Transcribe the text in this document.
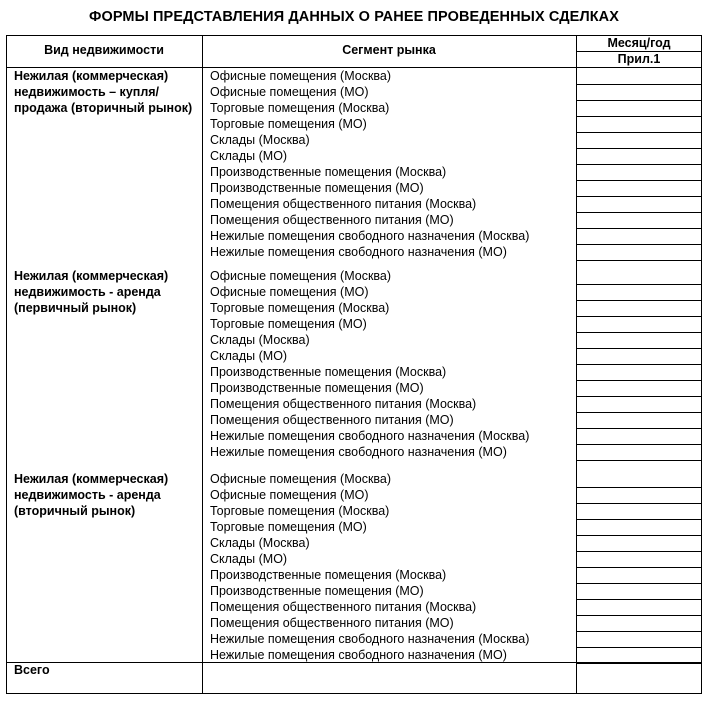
ФОРМЫ ПРЕДСТАВЛЕНИЯ ДАННЫХ О РАНЕЕ ПРОВЕДЕННЫХ СДЕЛКАХ
Вид недвижимости	Сегмент рынка	Месяц/год
Прил.1
Нежилая (коммерческая) недвижимость – купля/продажа (вторичный рынок)
Офисные помещения (Москва)
Офисные помещения (МО)
Торговые помещения (Москва)
Торговые помещения (МО)
Склады (Москва)
Склады (МО)
Производственные помещения (Москва)
Производственные помещения (МО)
Помещения общественного питания (Москва)
Помещения общественного питания (МО)
Нежилые помещения свободного назначения (Москва)
Нежилые помещения свободного назначения (МО)
Нежилая (коммерческая) недвижимость - аренда (первичный рынок)
Офисные помещения (Москва)
Офисные помещения (МО)
Торговые помещения (Москва)
Торговые помещения (МО)
Склады (Москва)
Склады (МО)
Производственные помещения (Москва)
Производственные помещения (МО)
Помещения общественного питания (Москва)
Помещения общественного питания (МО)
Нежилые помещения свободного назначения (Москва)
Нежилые помещения свободного назначения (МО)
Нежилая (коммерческая) недвижимость - аренда (вторичный рынок)
Офисные помещения (Москва)
Офисные помещения (МО)
Торговые помещения (Москва)
Торговые помещения (МО)
Склады (Москва)
Склады (МО)
Производственные помещения (Москва)
Производственные помещения (МО)
Помещения общественного питания (Москва)
Помещения общественного питания (МО)
Нежилые помещения свободного назначения (Москва)
Нежилые помещения свободного назначения (МО)
Всего
